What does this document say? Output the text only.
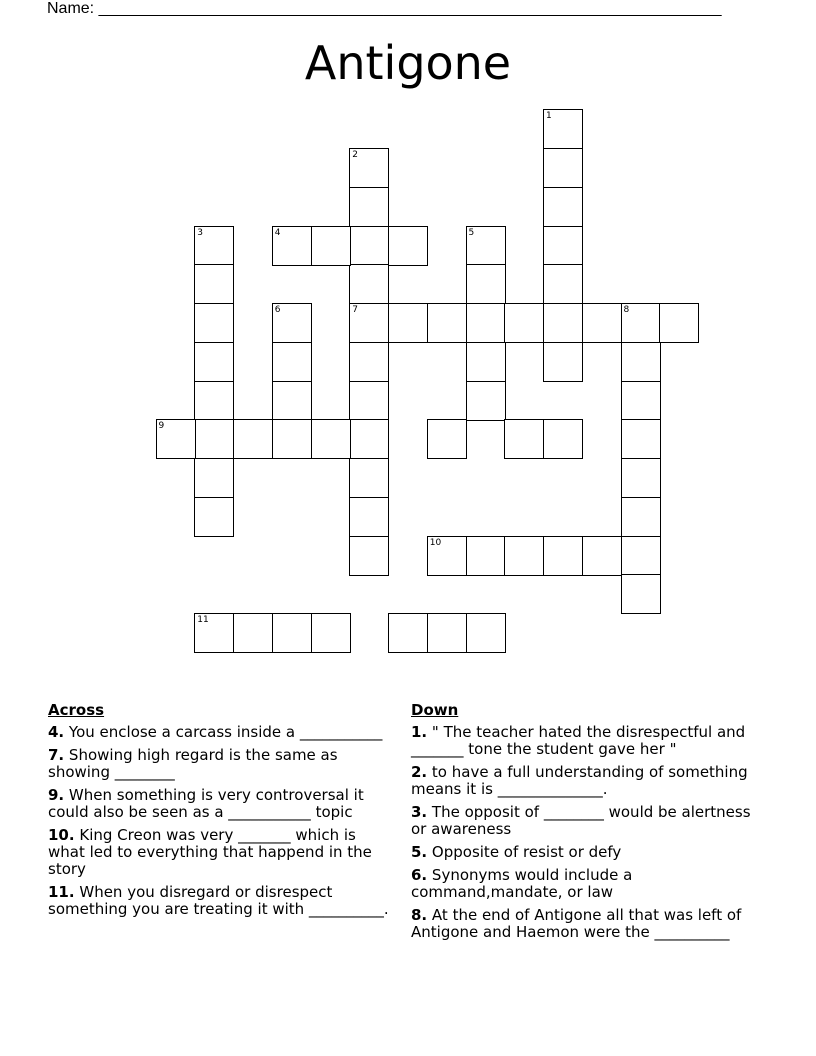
Name: ______________________________________________________________________
Antigone
1
2
7
3	4	5
6	8
9
10
11
Across
4. You enclose a carcass inside a ___________
7. Showing high regard is the same as showing ________
9. When something is very controversal it could also be seen as a ___________ topic
10. King Creon was very _______ which is what led to everything that happend in the story
11. When you disregard or disrespect something you are treating it with __________.
Down
1. " The teacher hated the disrespectful and _______ tone the student gave her "
2. to have a full understanding of something means it is ______________.
3. The opposit of ________ would be alertness or awareness
5. Opposite of resist or defy
6. Synonyms would include a command,mandate, or law
8. At the end of Antigone all that was left of Antigone and Haemon were the __________
